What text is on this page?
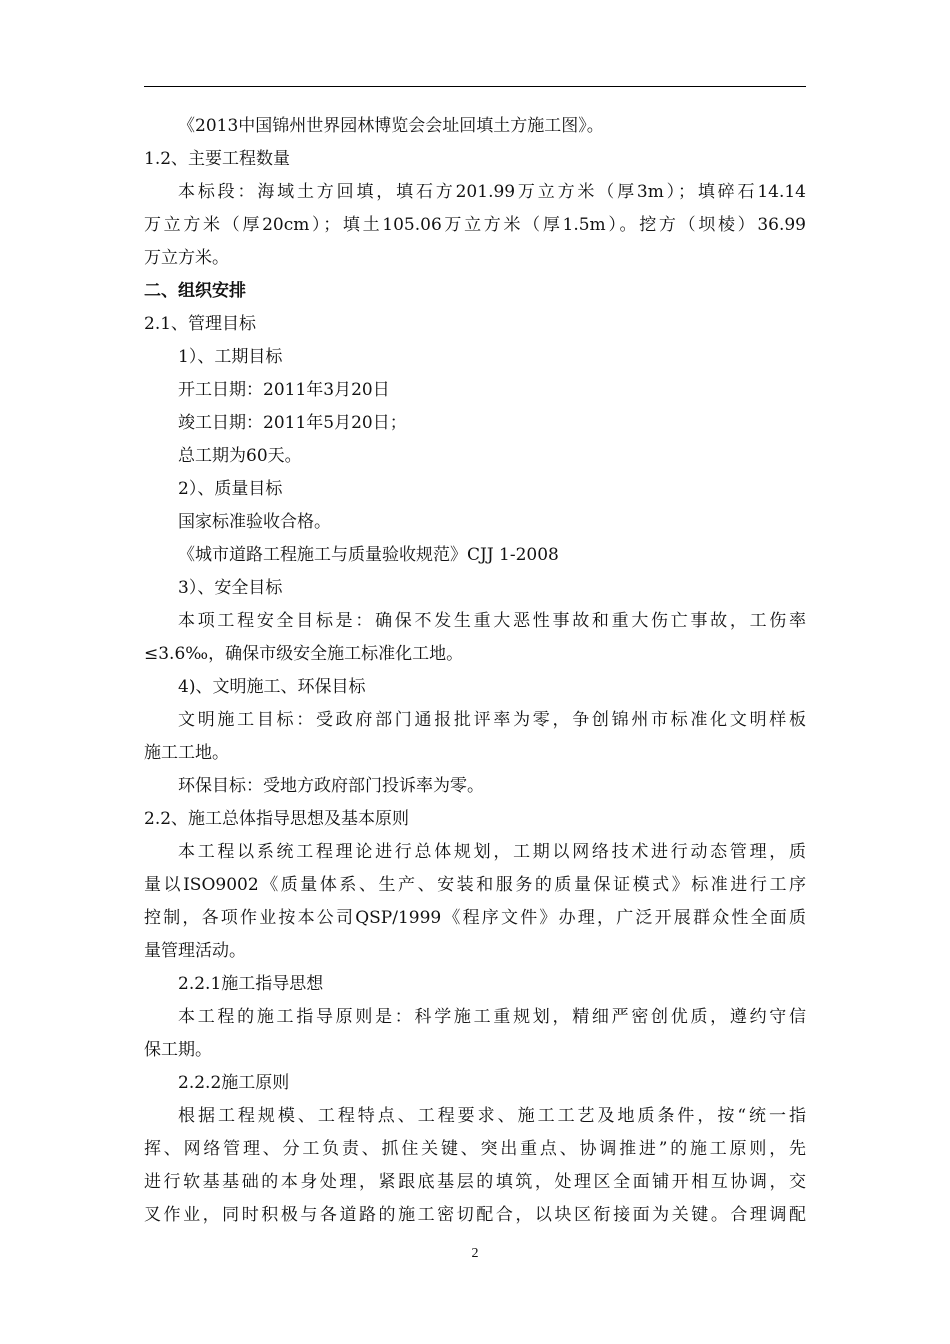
《2013中国锦州世界园林博览会会址回填土方施工图》。
1.2、主要工程数量
本标段：海域土方回填，填石方201.99万立方米（厚3m）；填碎石14.14
万立方米（厚20cm）；填土105.06万立方米（厚1.5m）。挖方（坝棱）36.99
万立方米。
二、组织安排
2.1、管理目标
1）、工期目标
开工日期：2011年3月20日
竣工日期：2011年5月20日；
总工期为60天。
2）、质量目标
国家标准验收合格。
《城市道路工程施工与质量验收规范》CJJ 1-2008
3）、安全目标
本项工程安全目标是：确保不发生重大恶性事故和重大伤亡事故，工伤率
≤3.6‰，确保市级安全施工标准化工地。
4)、文明施工、环保目标
文明施工目标：受政府部门通报批评率为零，争创锦州市标准化文明样板
施工工地。
环保目标：受地方政府部门投诉率为零。
2.2、施工总体指导思想及基本原则
本工程以系统工程理论进行总体规划，工期以网络技术进行动态管理，质
量以ISO9002《质量体系、生产、安装和服务的质量保证模式》标准进行工序
控制，各项作业按本公司QSP/1999《程序文件》办理，广泛开展群众性全面质
量管理活动。
2.2.1施工指导思想
本工程的施工指导原则是：科学施工重规划，精细严密创优质，遵约守信
保工期。
2.2.2施工原则
根据工程规模、工程特点、工程要求、施工工艺及地质条件，按“统一指
挥、网络管理、分工负责、抓住关键、突出重点、协调推进”的施工原则，先
进行软基基础的本身处理，紧跟底基层的填筑，处理区全面铺开相互协调，交
叉作业，同时积极与各道路的施工密切配合，以块区衔接面为关键。合理调配
2
